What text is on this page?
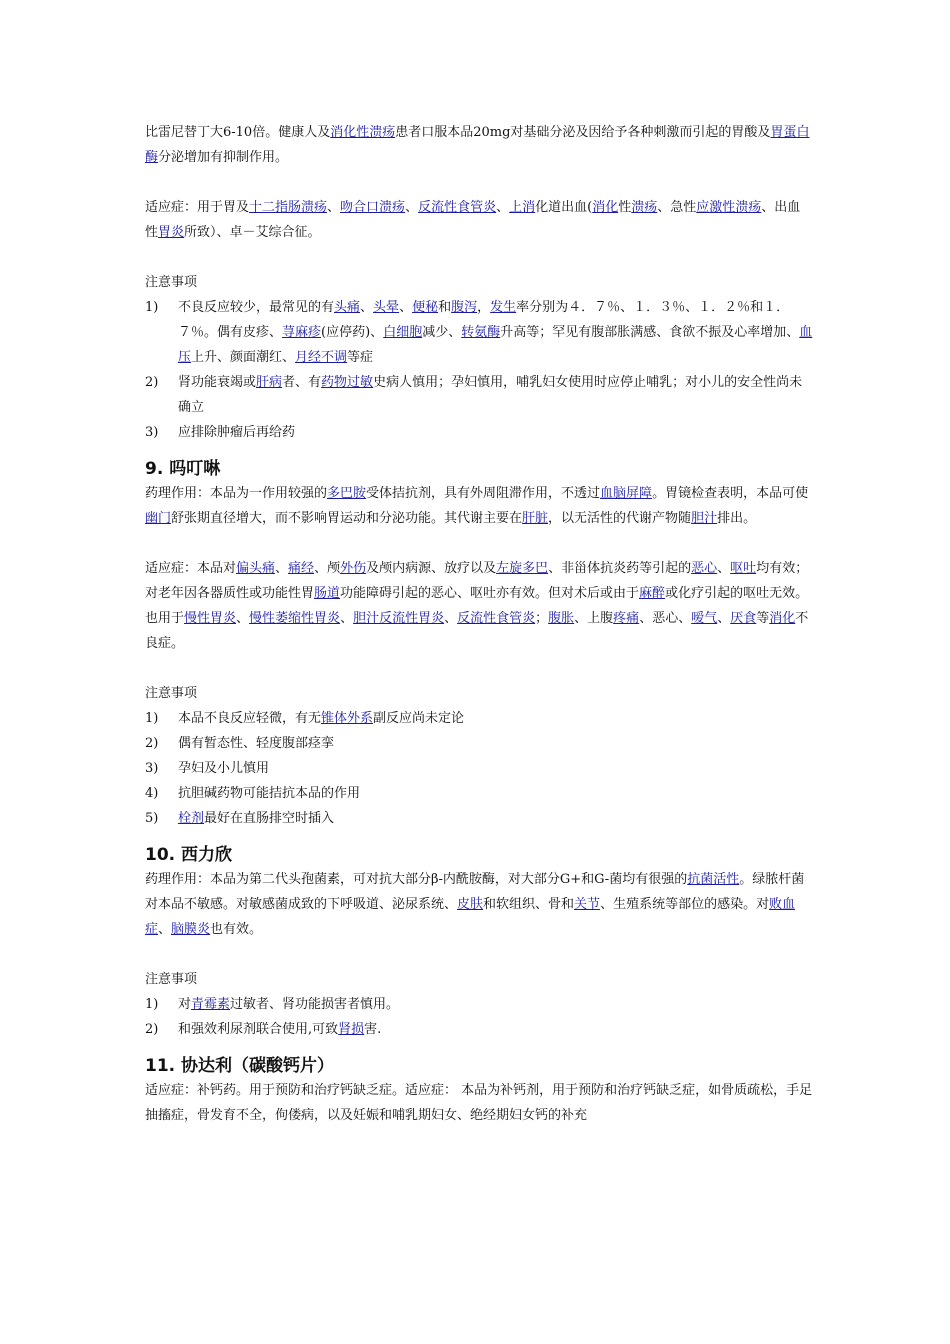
比雷尼替丁大6-10倍。健康人及消化性溃疡患者口服本品20mg对基础分泌及因给予各种刺激而引起的胃酸及胃蛋白酶分泌增加有抑制作用。

适应症：用于胃及十二指肠溃疡、吻合口溃疡、反流性食管炎、上消化道出血(消化性溃疡、急性应激性溃疡、出血性胃炎所致）、卓－艾综合征。

注意事项

1)	不良反应较少，最常见的有头痛、头晕、便秘和腹泻，发生率分别为４．７％、１．３％、１．２％和１．７％。偶有皮疹、荨麻疹(应停药)、白细胞减少、转氨酶升高等；罕见有腹部胀满感、食欲不振及心率增加、血压上升、颜面潮红、月经不调等症
2)	肾功能衰竭或肝病者、有药物过敏史病人慎用；孕妇慎用，哺乳妇女使用时应停止哺乳；对小儿的安全性尚未确立
3)	应排除肿瘤后再给药
9. 吗叮啉

药理作用：本品为一作用较强的多巴胺受体拮抗剂，具有外周阻滞作用，不透过血脑屏障。胃镜检查表明，本品可使幽门舒张期直径增大，而不影响胃运动和分泌功能。其代谢主要在肝脏，以无活性的代谢产物随胆汁排出。

适应症：本品对偏头痛、痛经、颅外伤及颅内病源、放疗以及左旋多巴、非甾体抗炎药等引起的恶心、呕吐均有效；对老年因各器质性或功能性胃肠道功能障碍引起的恶心、呕吐亦有效。但对术后或由于麻醉或化疗引起的呕吐无效。也用于慢性胃炎、慢性萎缩性胃炎、胆汁反流性胃炎、反流性食管炎；腹胀、上腹疼痛、恶心、嗳气、厌食等消化不良症。

注意事项

1)	本品不良反应轻微，有无锥体外系副反应尚未定论
2)	偶有暂态性、轻度腹部痉挛
3)	孕妇及小儿慎用
4)	抗胆碱药物可能拮抗本品的作用
5)	栓剂最好在直肠排空时插入
10. 西力欣

药理作用：本品为第二代头孢菌素，可对抗大部分β-内酰胺酶，对大部分G+和G-菌均有很强的抗菌活性。绿脓杆菌对本品不敏感。对敏感菌成致的下呼吸道、泌尿系统、皮肤和软组织、骨和关节、生殖系统等部位的感染。对败血症、脑膜炎也有效。

注意事项

1)	对青霉素过敏者、肾功能损害者慎用。
2)	和强效利尿剂联合使用,可致肾损害.
11. 协达利（碳酸钙片）

适应症：补钙药。用于预防和治疗钙缺乏症。适应症： 本品为补钙剂，用于预防和治疗钙缺乏症，如骨质疏松，手足抽搐症，骨发育不全，佝偻病，以及妊娠和哺乳期妇女、绝经期妇女钙的补充
